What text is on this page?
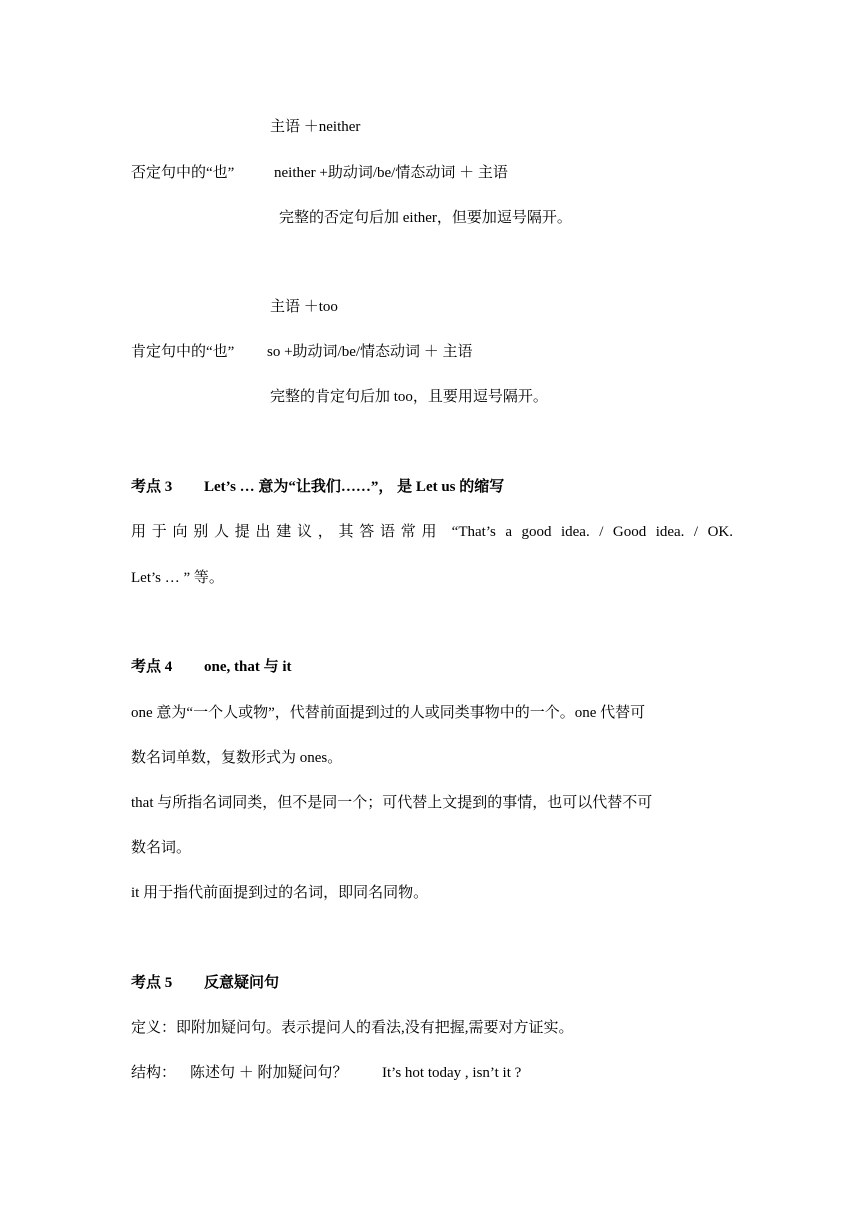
主语 ＋neither
否定句中的“也”	neither +助动词/be/情态动词 ＋ 主语
完整的否定句后加 either，但要加逗号隔开。
主语 ＋too
肯定句中的“也” so +助动词/be/情态动词 ＋ 主语
完整的肯定句后加 too，且要用逗号隔开。
考点 3 Let’s … 意为“让我们……”， 是 Let us 的缩写
用于向别人提出建议，其答语常用 “That’s a good idea. / Good idea. / OK.
Let’s … ” 等。
考点 4 one, that 与 it
one 意为“一个人或物”，代替前面提到过的人或同类事物中的一个。one 代替可
数名词单数，复数形式为 ones。
that 与所指名词同类，但不是同一个；可代替上文提到的事情，也可以代替不可
数名词。
it 用于指代前面提到过的名词，即同名同物。
考点 5 反意疑问句
定义：即附加疑问句。表示提问人的看法,没有把握,需要对方证实。
结构： 陈述句 ＋ 附加疑问句？ It’s hot today , isn’t it ?
